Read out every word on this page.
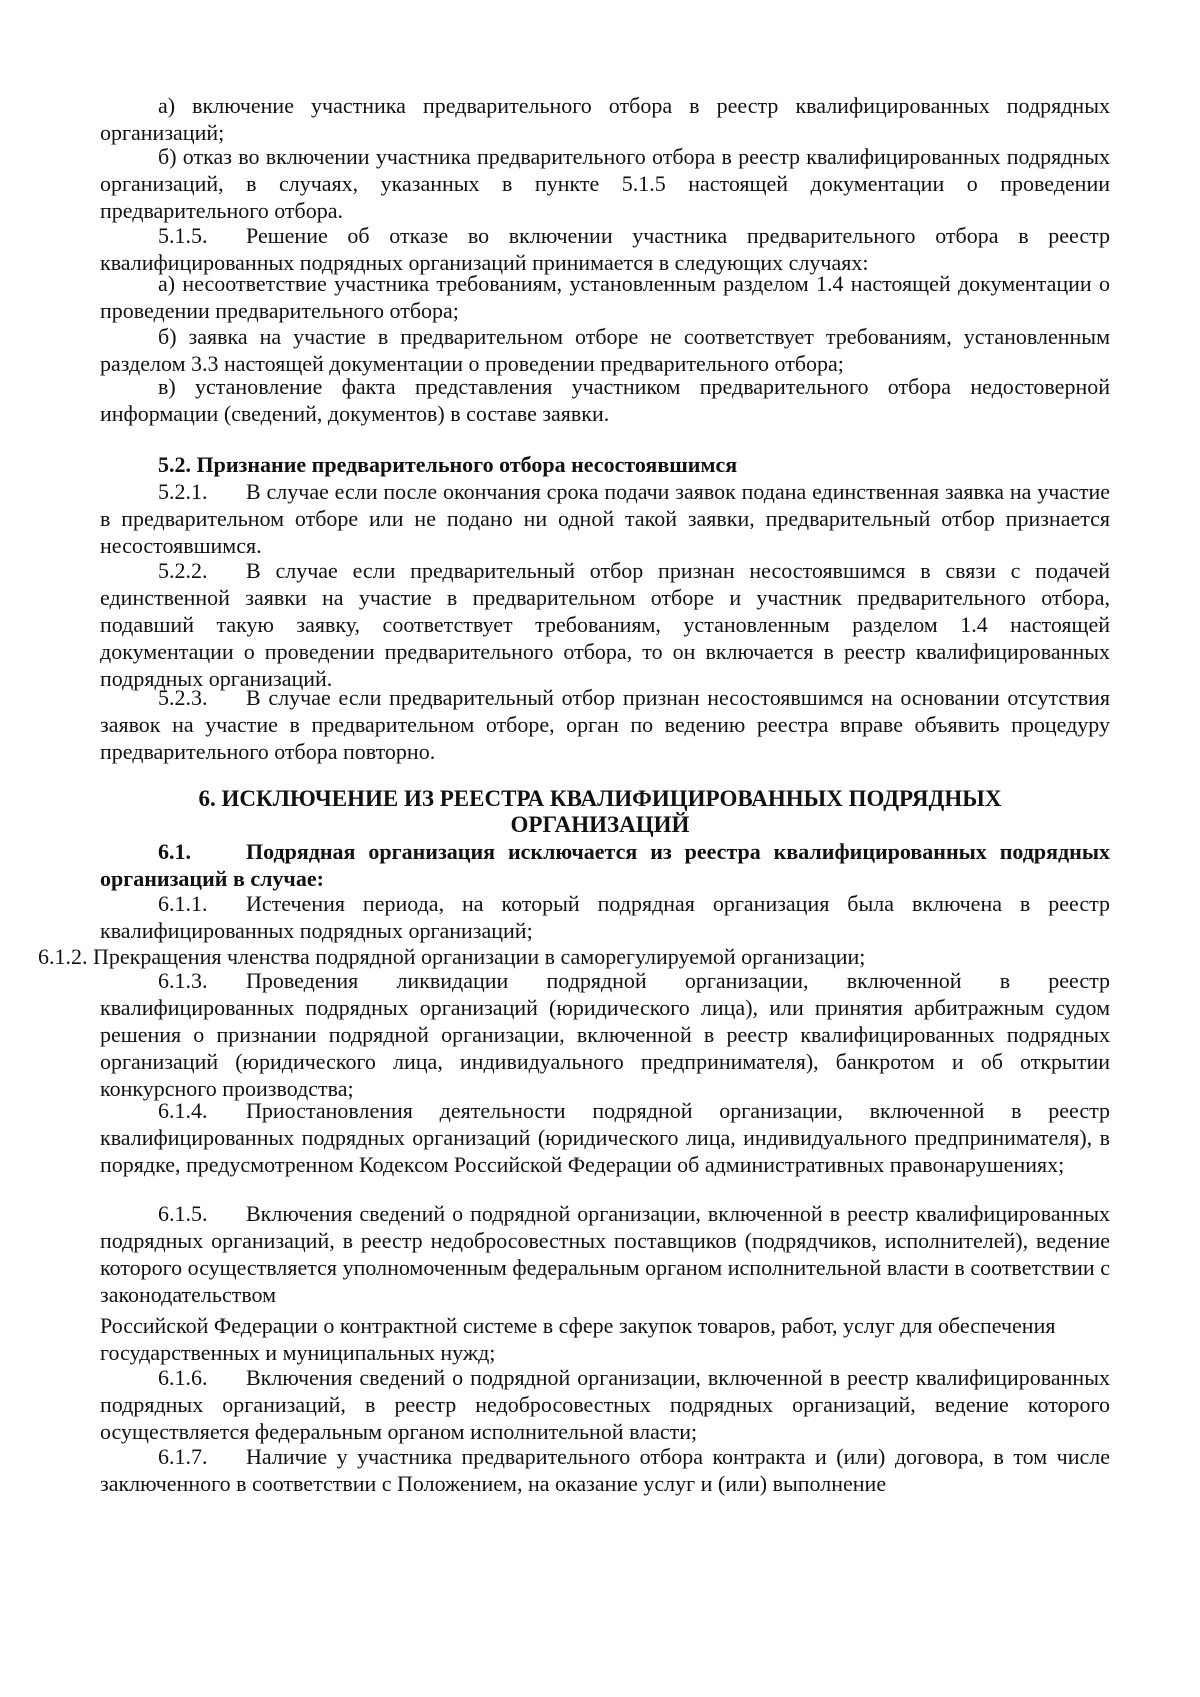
а) включение участника предварительного отбора в реестр квалифицированных подрядных организаций;

б) отказ во включении участника предварительного отбора в реестр квалифицированных подрядных организаций, в случаях, указанных в пункте 5.1.5 настоящей документации о проведении предварительного отбора.

5.1.5. Решение об отказе во включении участника предварительного отбора в реестр квалифицированных подрядных организаций принимается в следующих случаях:

а) несоответствие участника требованиям, установленным разделом 1.4 настоящей документации о проведении предварительного отбора;

б) заявка на участие в предварительном отборе не соответствует требованиям, установленным разделом 3.3 настоящей документации о проведении предварительного отбора;

в) установление факта представления участником предварительного отбора недостоверной информации (сведений, документов) в составе заявки.

5.2. Признание предварительного отбора несостоявшимся

5.2.1. В случае если после окончания срока подачи заявок подана единственная заявка на участие в предварительном отборе или не подано ни одной такой заявки, предварительный отбор признается несостоявшимся.

5.2.2. В случае если предварительный отбор признан несостоявшимся в связи с подачей единственной заявки на участие в предварительном отборе и участник предварительного отбора, подавший такую заявку, соответствует требованиям, установленным разделом 1.4 настоящей документации о проведении предварительного отбора, то он включается в реестр квалифицированных подрядных организаций.

5.2.3. В случае если предварительный отбор признан несостоявшимся на основании отсутствия заявок на участие в предварительном отборе, орган по ведению реестра вправе объявить процедуру предварительного отбора повторно.

6. ИСКЛЮЧЕНИЕ ИЗ РЕЕСТРА КВАЛИФИЦИРОВАННЫХ ПОДРЯДНЫХ
ОРГАНИЗАЦИЙ

6.1.	Подрядная организация исключается из реестра квалифицированных подрядных организаций в случае:

6.1.1. Истечения периода, на который подрядная организация была включена в реестр квалифицированных подрядных организаций;

6.1.2. Прекращения членства подрядной организации в саморегулируемой организации;

6.1.3. Проведения ликвидации подрядной организации, включенной в реестр квалифицированных подрядных организаций (юридического лица), или принятия арбитражным судом решения о признании подрядной организации, включенной в реестр квалифицированных подрядных организаций (юридического лица, индивидуального предпринимателя), банкротом и об открытии конкурсного производства;

6.1.4. Приостановления деятельности подрядной организации, включенной в реестр квалифицированных подрядных организаций (юридического лица, индивидуального предпринимателя), в порядке, предусмотренном Кодексом Российской Федерации об административных правонарушениях;

6.1.5. Включения сведений о подрядной организации, включенной в реестр квалифицированных подрядных организаций, в реестр недобросовестных поставщиков (подрядчиков, исполнителей), ведение которого осуществляется уполномоченным федеральным органом исполнительной власти в соответствии с законодательством

Российской Федерации о контрактной системе в сфере закупок товаров, работ, услуг для обеспечения государственных и муниципальных нужд;

6.1.6. Включения сведений о подрядной организации, включенной в реестр квалифицированных подрядных организаций, в реестр недобросовестных подрядных организаций, ведение которого осуществляется федеральным органом исполнительной власти;

6.1.7. Наличие у участника предварительного отбора контракта и (или) договора, в том числе заключенного в соответствии с Положением, на оказание услуг и (или) выполнение
